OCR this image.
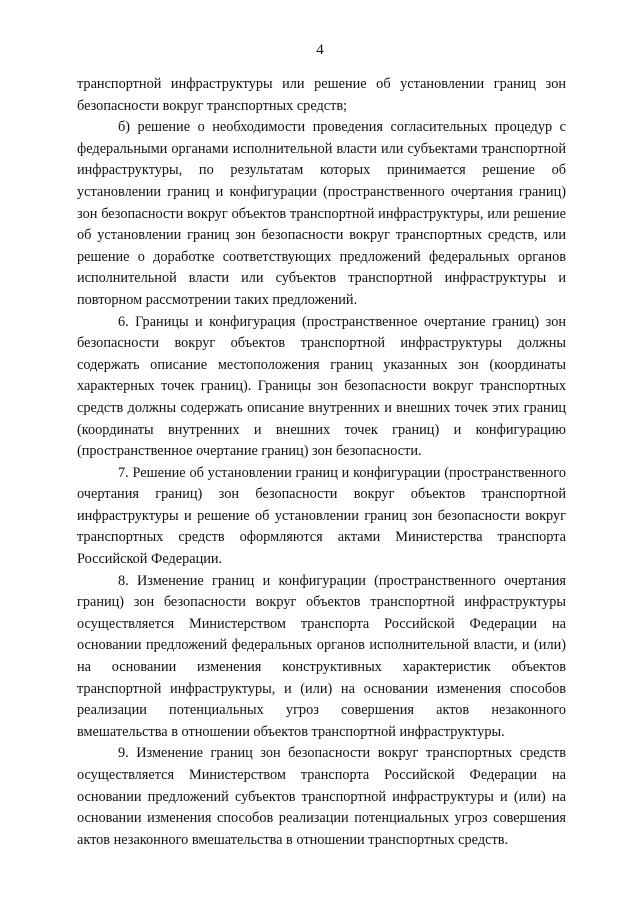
4

транспортной инфраструктуры или решение об установлении границ зон безопасности вокруг транспортных средств;

б) решение о необходимости проведения согласительных процедур с федеральными органами исполнительной власти или субъектами транспортной инфраструктуры, по результатам которых принимается решение об установлении границ и конфигурации (пространственного очертания границ) зон безопасности вокруг объектов транспортной инфраструктуры, или решение об установлении границ зон безопасности вокруг транспортных средств, или решение о доработке соответствующих предложений федеральных органов исполнительной власти или субъектов транспортной инфраструктуры и повторном рассмотрении таких предложений.

6. Границы и конфигурация (пространственное очертание границ) зон безопасности вокруг объектов транспортной инфраструктуры должны содержать описание местоположения границ указанных зон (координаты характерных точек границ). Границы зон безопасности вокруг транспортных средств должны содержать описание внутренних и внешних точек этих границ (координаты внутренних и внешних точек границ) и конфигурацию (пространственное очертание границ) зон безопасности.

7. Решение об установлении границ и конфигурации (пространственного очертания границ) зон безопасности вокруг объектов транспортной инфраструктуры и решение об установлении границ зон безопасности вокруг транспортных средств оформляются актами Министерства транспорта Российской Федерации.

8. Изменение границ и конфигурации (пространственного очертания границ) зон безопасности вокруг объектов транспортной инфраструктуры осуществляется Министерством транспорта Российской Федерации на основании предложений федеральных органов исполнительной власти, и (или) на основании изменения конструктивных характеристик объектов транспортной инфраструктуры, и (или) на основании изменения способов реализации потенциальных угроз совершения актов незаконного вмешательства в отношении объектов транспортной инфраструктуры.

9. Изменение границ зон безопасности вокруг транспортных средств осуществляется Министерством транспорта Российской Федерации на основании предложений субъектов транспортной инфраструктуры и (или) на основании изменения способов реализации потенциальных угроз совершения актов незаконного вмешательства в отношении транспортных средств.
